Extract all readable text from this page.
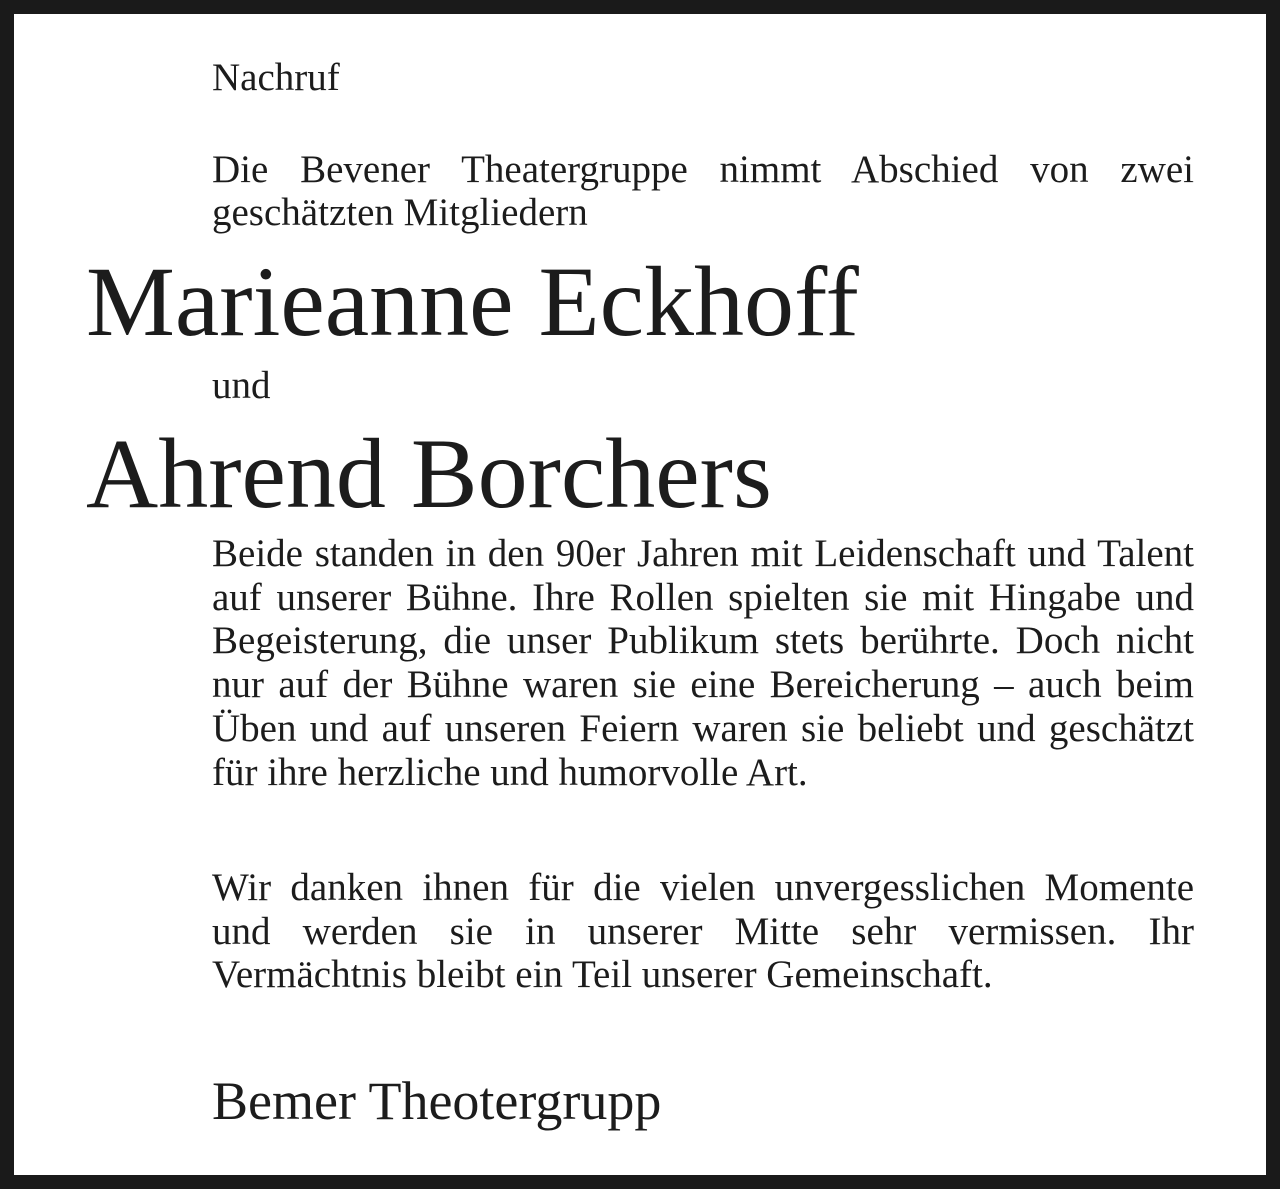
Nachruf

Die Bevener Theatergruppe nimmt Abschied von zwei geschätzten Mitgliedern

Marieanne Eckhoff

und

Ahrend Borchers

Beide standen in den 90er Jahren mit Leidenschaft und Talent auf unserer Bühne. Ihre Rollen spielten sie mit Hingabe und Begeisterung, die unser Publikum stets berührte. Doch nicht nur auf der Bühne waren sie eine Bereicherung – auch beim Üben und auf unseren Feiern waren sie beliebt und geschätzt für ihre herzliche und humorvolle Art.

Wir danken ihnen für die vielen unvergesslichen Momente und werden sie in unserer Mitte sehr vermissen. Ihr Vermächtnis bleibt ein Teil unserer Gemeinschaft.

Bemer Theotergrupp
